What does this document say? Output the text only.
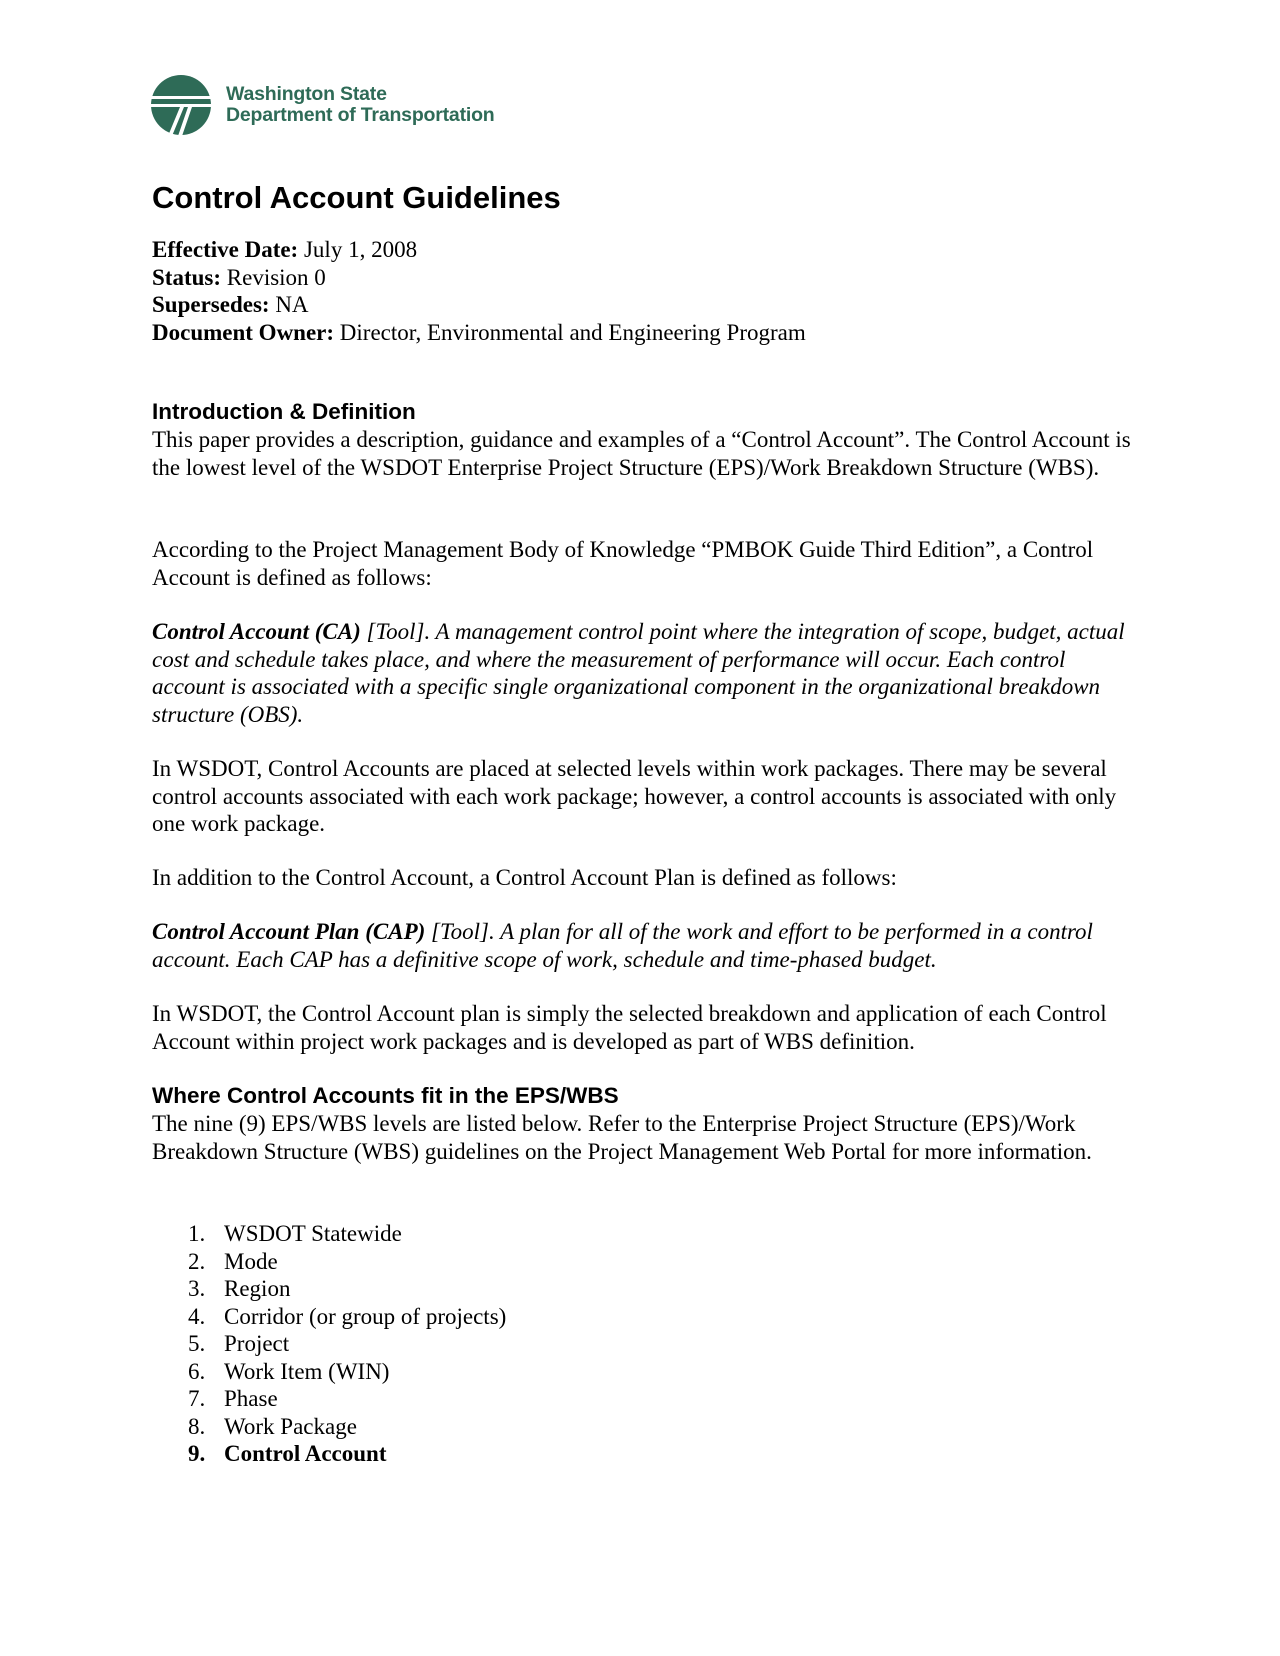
Washington State
Department of Transportation
Control Account Guidelines
Effective Date: July 1, 2008
Status: Revision 0
Supersedes: NA
Document Owner: Director, Environmental and Engineering Program
Introduction & Definition
This paper provides a description, guidance and examples of a “Control Account”. The Control Account is the lowest level of the WSDOT Enterprise Project Structure (EPS)/Work Breakdown Structure (WBS).
According to the Project Management Body of Knowledge “PMBOK Guide Third Edition”, a Control Account is defined as follows:
Control Account (CA) [Tool]. A management control point where the integration of scope, budget, actual cost and schedule takes place, and where the measurement of performance will occur. Each control account is associated with a specific single organizational component in the organizational breakdown structure (OBS).
In WSDOT, Control Accounts are placed at selected levels within work packages. There may be several control accounts associated with each work package; however, a control accounts is associated with only one work package.
In addition to the Control Account, a Control Account Plan is defined as follows:
Control Account Plan (CAP) [Tool]. A plan for all of the work and effort to be performed in a control account. Each CAP has a definitive scope of work, schedule and time-phased budget.
In WSDOT, the Control Account plan is simply the selected breakdown and application of each Control Account within project work packages and is developed as part of WBS definition.
Where Control Accounts fit in the EPS/WBS
The nine (9) EPS/WBS levels are listed below. Refer to the Enterprise Project Structure (EPS)/Work Breakdown Structure (WBS) guidelines on the Project Management Web Portal for more information.
1. WSDOT Statewide
2. Mode
3. Region
4. Corridor (or group of projects)
5. Project
6. Work Item (WIN)
7. Phase
8. Work Package
9. Control Account
